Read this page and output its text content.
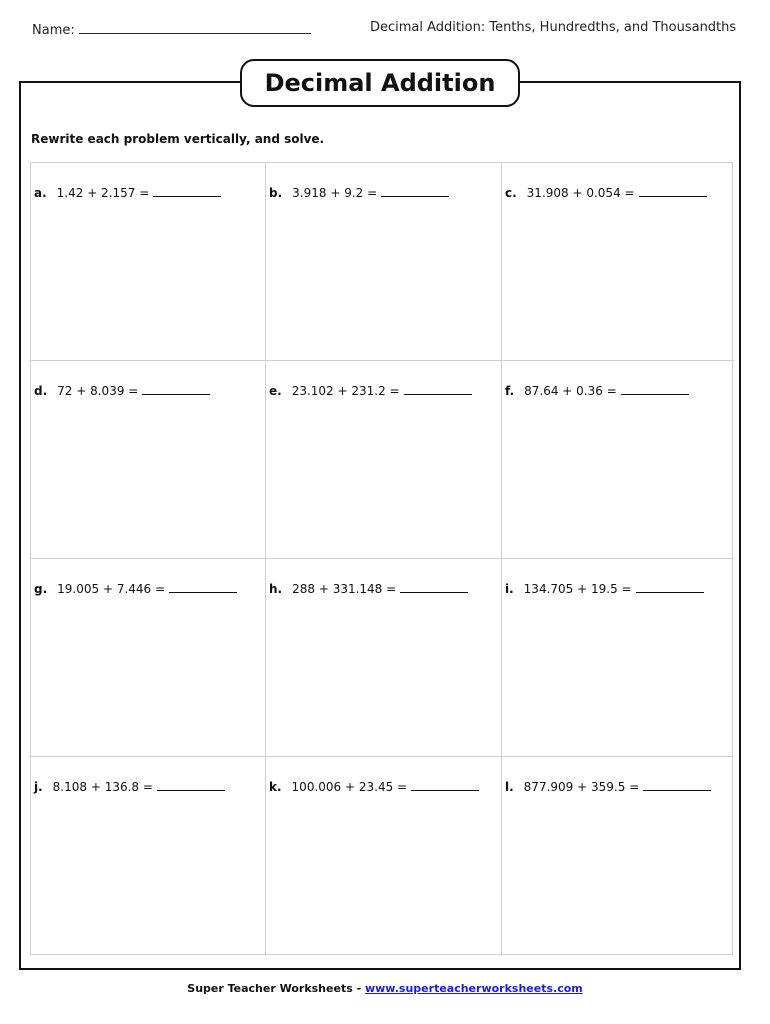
Name:	Decimal Addition: Tenths, Hundredths, and Thousandths
Decimal Addition
Rewrite each problem vertically, and solve.
a. 1.42 + 2.157 =	b. 3.918 + 9.2 =	c. 31.908 + 0.054 =
d. 72 + 8.039 =	e. 23.102 + 231.2 =	f. 87.64 + 0.36 =
g. 19.005 + 7.446 =	h. 288 + 331.148 =	i. 134.705 + 19.5 =
j. 8.108 + 136.8 =	k. 100.006 + 23.45 =	l. 877.909 + 359.5 =
Super Teacher Worksheets - www.superteacherworksheets.com
